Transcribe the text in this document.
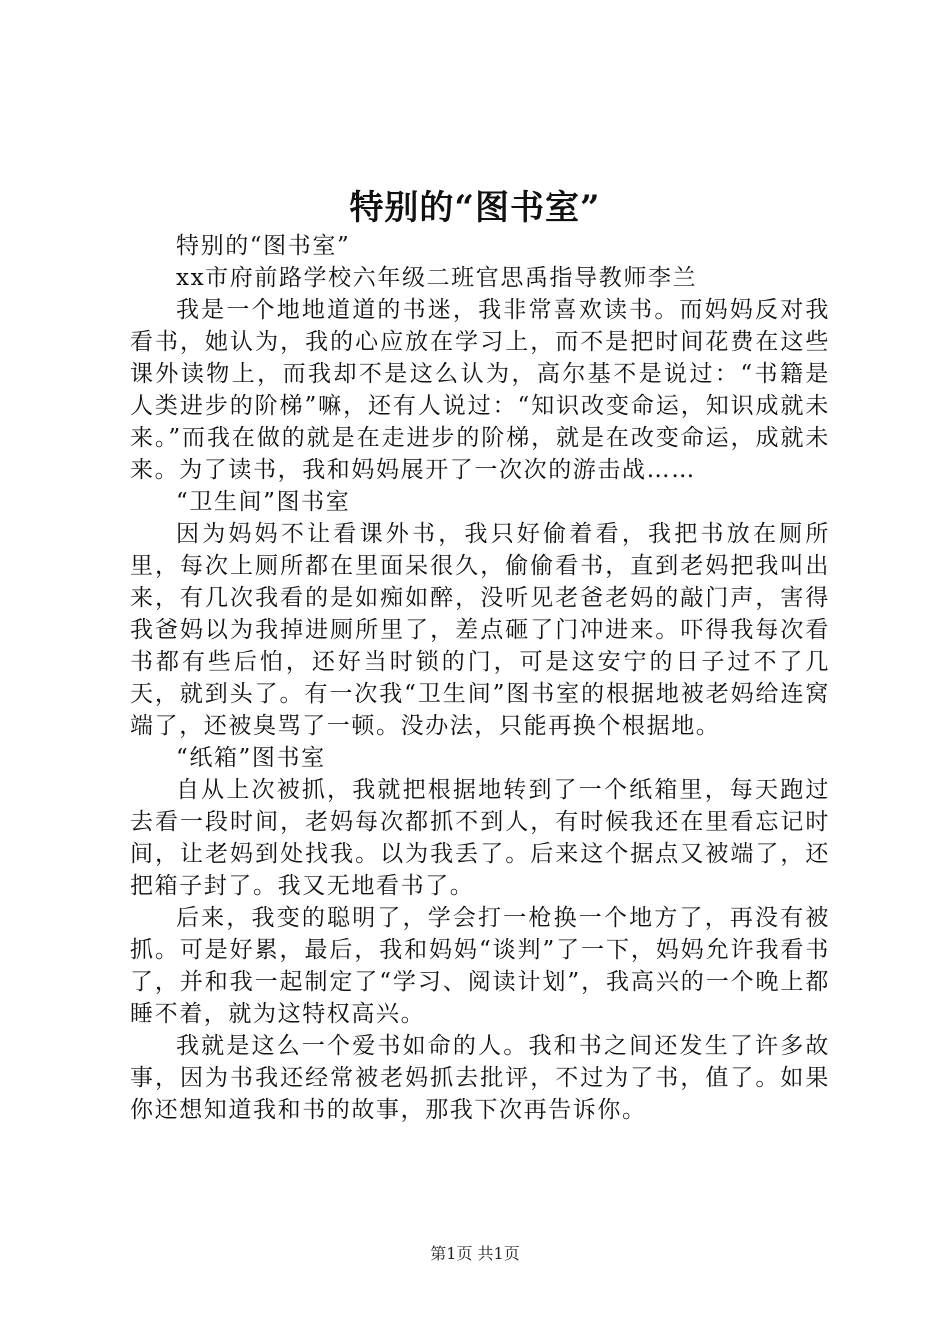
特别的“图书室”

特别的“图书室”

xx市府前路学校六年级二班官思禹指导教师李兰

我是一个地地道道的书迷，我非常喜欢读书。而妈妈反对我看书，她认为，我的心应放在学习上，而不是把时间花费在这些课外读物上，而我却不是这么认为，高尔基不是说过：“书籍是人类进步的阶梯”嘛，还有人说过：“知识改变命运，知识成就未来。”而我在做的就是在走进步的阶梯，就是在改变命运，成就未来。为了读书，我和妈妈展开了一次次的游击战……

“卫生间”图书室

因为妈妈不让看课外书，我只好偷着看，我把书放在厕所里，每次上厕所都在里面呆很久，偷偷看书，直到老妈把我叫出来，有几次我看的是如痴如醉，没听见老爸老妈的敲门声，害得我爸妈以为我掉进厕所里了，差点砸了门冲进来。吓得我每次看书都有些后怕，还好当时锁的门，可是这安宁的日子过不了几天，就到头了。有一次我“卫生间”图书室的根据地被老妈给连窝端了，还被臭骂了一顿。没办法，只能再换个根据地。

“纸箱”图书室

自从上次被抓，我就把根据地转到了一个纸箱里，每天跑过去看一段时间，老妈每次都抓不到人，有时候我还在里看忘记时间，让老妈到处找我。以为我丢了。后来这个据点又被端了，还把箱子封了。我又无地看书了。

后来，我变的聪明了，学会打一枪换一个地方了，再没有被抓。可是好累，最后，我和妈妈“谈判”了一下，妈妈允许我看书了，并和我一起制定了“学习、阅读计划”，我高兴的一个晚上都睡不着，就为这特权高兴。

我就是这么一个爱书如命的人。我和书之间还发生了许多故事，因为书我还经常被老妈抓去批评，不过为了书，值了。如果你还想知道我和书的故事，那我下次再告诉你。

第1页 共1页
